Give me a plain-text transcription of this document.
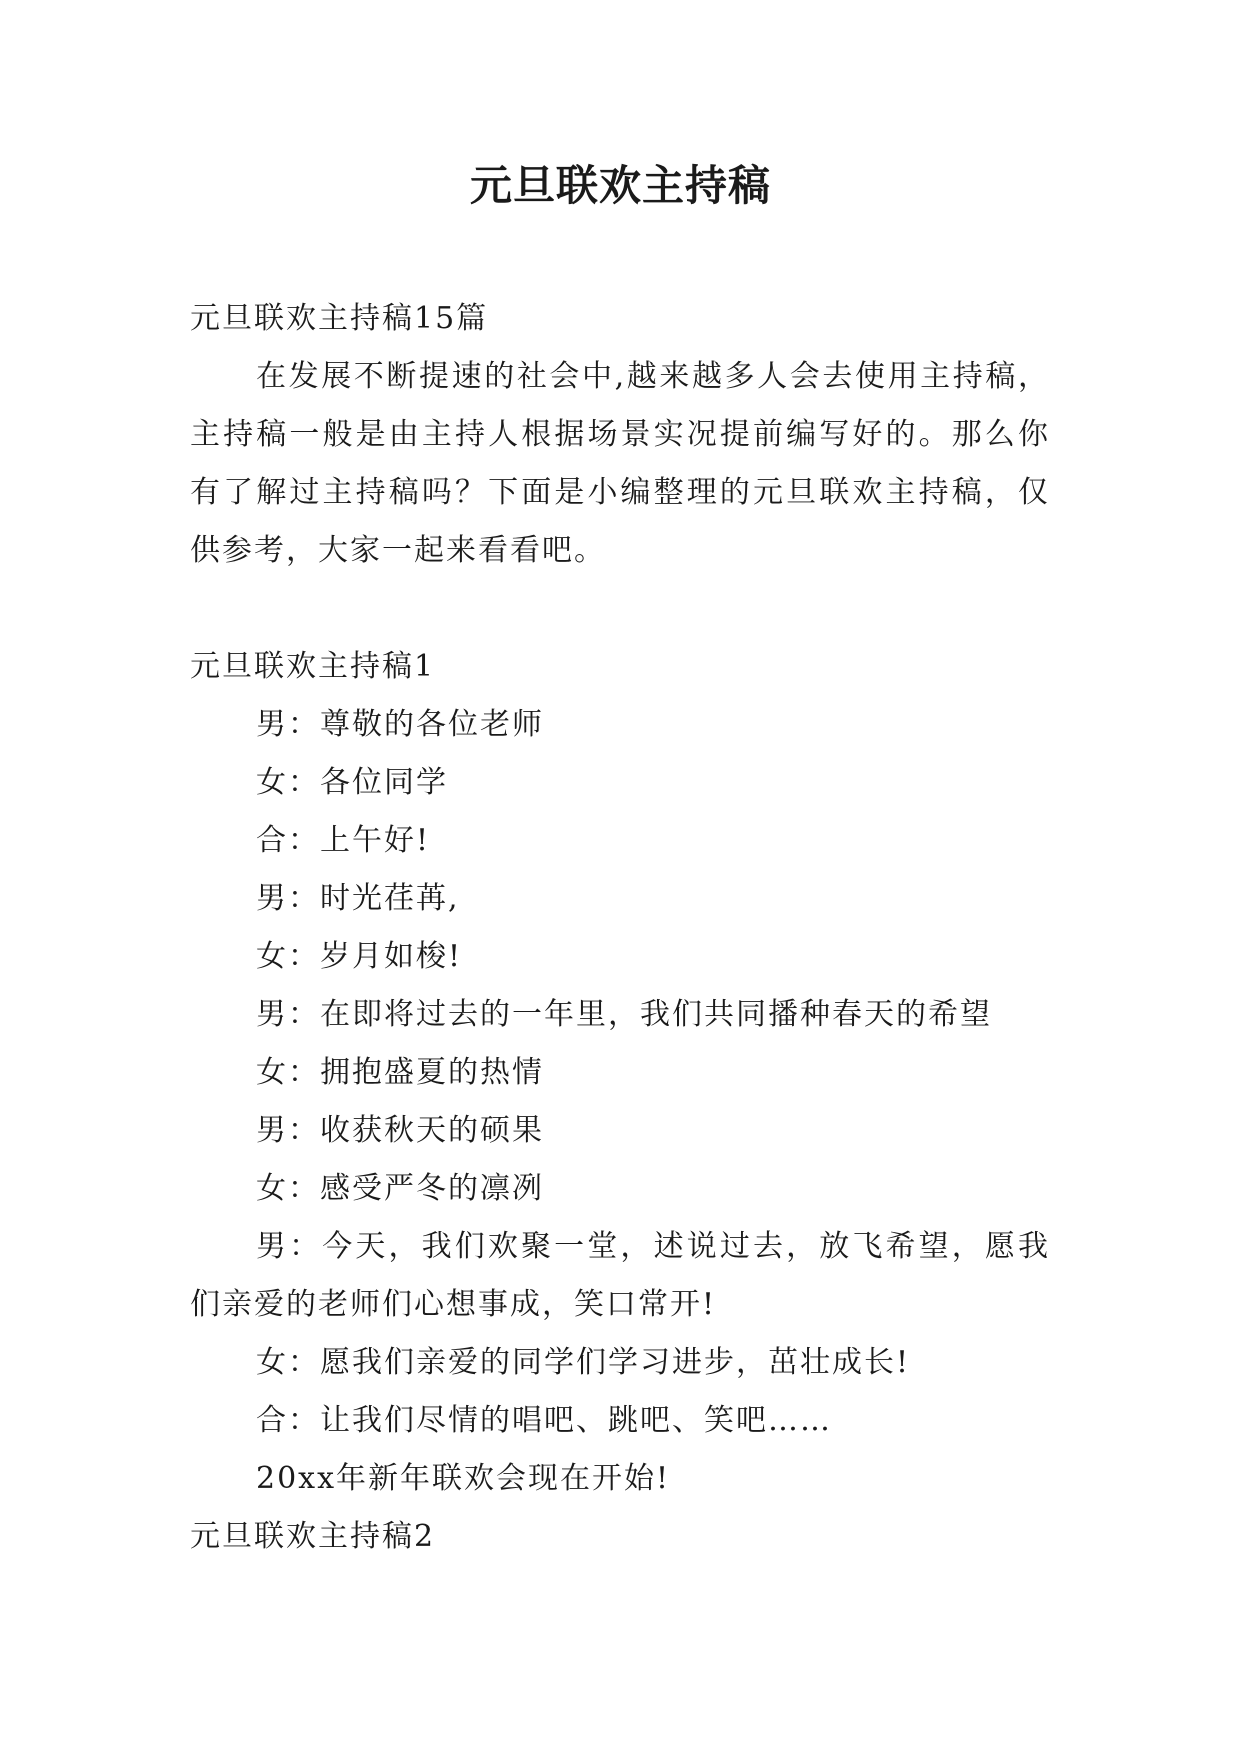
元旦联欢主持稿

元旦联欢主持稿15篇

在发展不断提速的社会中,越来越多人会去使用主持稿，主持稿一般是由主持人根据场景实况提前编写好的。那么你有了解过主持稿吗？下面是小编整理的元旦联欢主持稿，仅供参考，大家一起来看看吧。

元旦联欢主持稿1

男：尊敬的各位老师

女：各位同学

合：上午好!

男：时光荏苒,

女：岁月如梭!

男：在即将过去的一年里，我们共同播种春天的希望

女：拥抱盛夏的热情

男：收获秋天的硕果

女：感受严冬的凛冽

男：今天，我们欢聚一堂，述说过去，放飞希望，愿我们亲爱的老师们心想事成，笑口常开!

女：愿我们亲爱的同学们学习进步，茁壮成长!

合：让我们尽情的唱吧、跳吧、笑吧……

20xx年新年联欢会现在开始!

元旦联欢主持稿2
